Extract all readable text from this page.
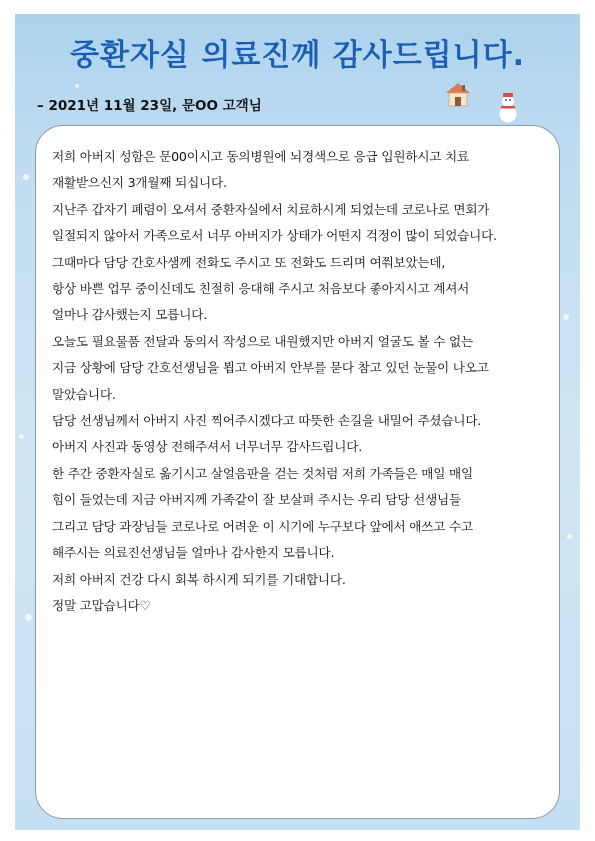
중환자실 의료진께 감사드립니다.
– 2021년 11월 23일, 문OO 고객님
저희 아버지 성함은 문00이시고 동의병원에 뇌경색으로 응급 입원하시고 치료
재활받으신지 3개월째 되십니다.
지난주 갑자기 폐렴이 오셔서 중환자실에서 치료하시게 되었는데 코로나로 면회가
일절되지 않아서 가족으로서 너무 아버지가 상태가 어떤지 걱정이 많이 되었습니다.
그때마다 담당 간호사샘께 전화도 주시고 또 전화도 드리며 여쭤보았는데,
항상 바쁜 업무 중이신데도 친절히 응대해 주시고 처음보다 좋아지시고 계셔서
얼마나 감사했는지 모릅니다.
오늘도 필요물품 전달과 동의서 작성으로 내원했지만 아버지 얼굴도 볼 수 없는
지금 상황에 담당 간호선생님을 뵙고 아버지 안부를 묻다 참고 있던 눈물이 나오고
말았습니다.
담당 선생님께서 아버지 사진 찍어주시겠다고 따뜻한 손길을 내밀어 주셨습니다.
아버지 사진과 동영상 전해주셔서 너무너무 감사드립니다.
한 주간 중환자실로 옮기시고 살얼음판을 걷는 것처럼 저희 가족들은 매일 매일
힘이 들었는데 지금 아버지께 가족같이 잘 보살펴 주시는 우리 담당 선생님들
그리고 담당 과장님들 코로나로 어려운 이 시기에 누구보다 앞에서 애쓰고 수고
해주시는 의료진선생님들 얼마나 감사한지 모릅니다.
저희 아버지 건강 다시 회복 하시게 되기를 기대합니다.
정말 고맙습니다♡
